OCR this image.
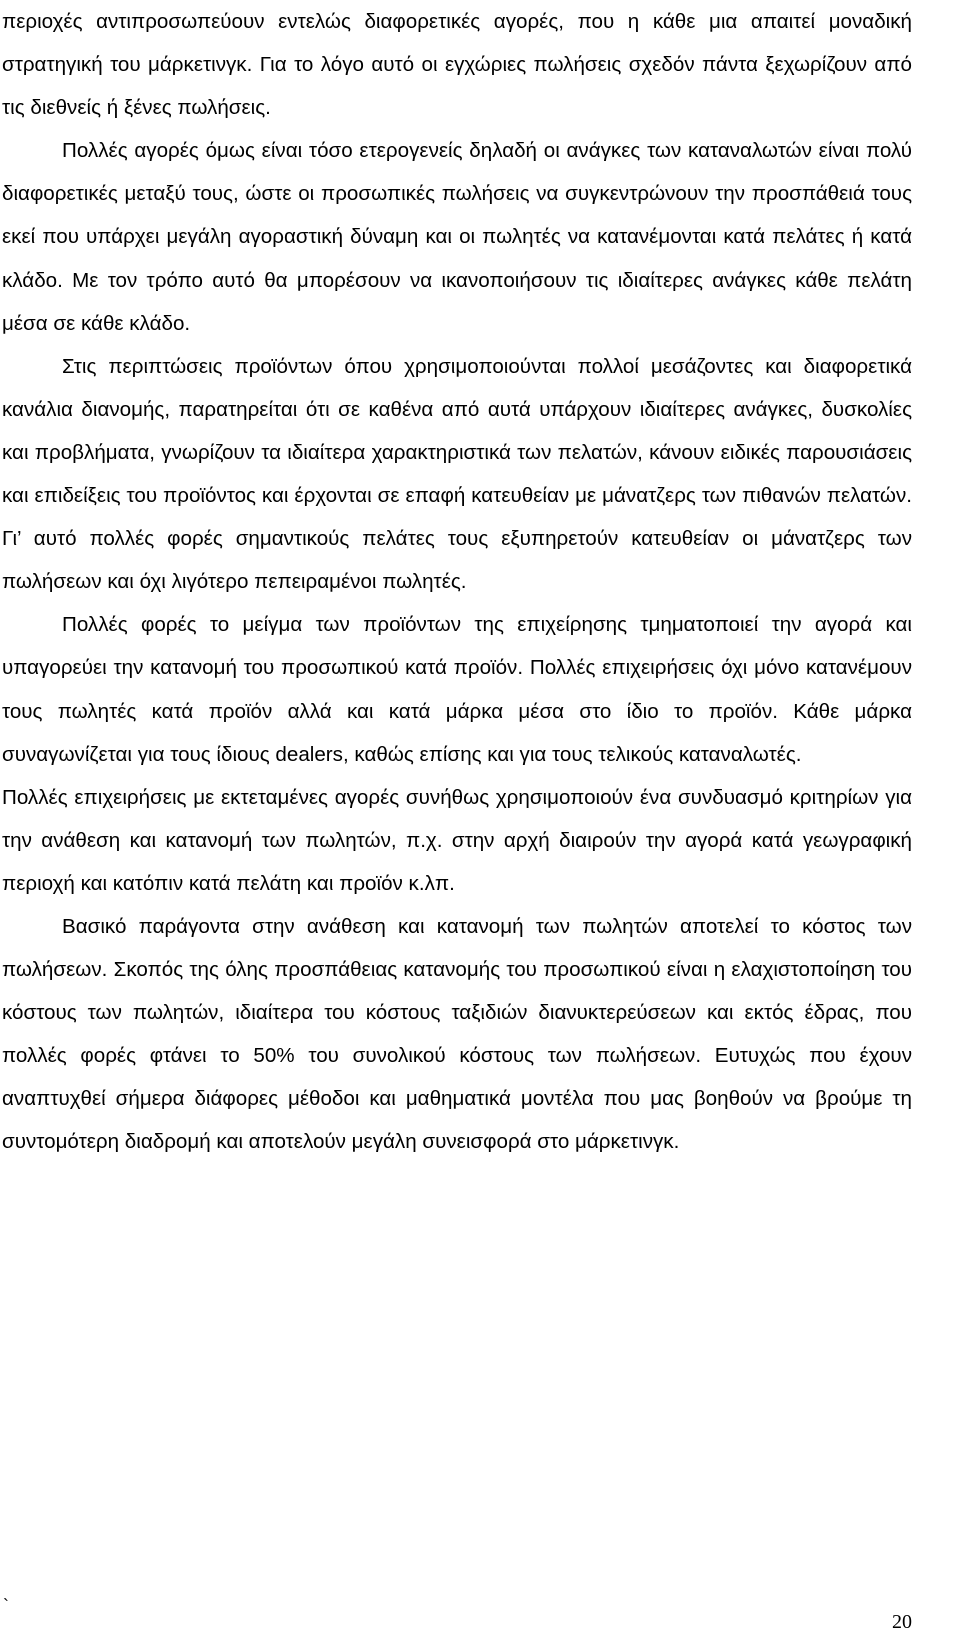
περιοχές αντιπροσωπεύουν εντελώς διαφορετικές αγορές, που η κάθε μια απαιτεί μοναδική στρατηγική του μάρκετινγκ. Για το λόγο αυτό οι εγχώριες πωλήσεις σχεδόν πάντα ξεχωρίζουν από τις διεθνείς ή ξένες πωλήσεις.

Πολλές αγορές όμως είναι τόσο ετερογενείς δηλαδή οι ανάγκες των καταναλωτών είναι πολύ διαφορετικές μεταξύ τους, ώστε οι προσωπικές πωλήσεις να συγκεντρώνουν την προσπάθειά τους εκεί που υπάρχει μεγάλη αγοραστική δύναμη και οι πωλητές να κατανέμονται κατά πελάτες ή κατά κλάδο. Με τον τρόπο αυτό θα μπορέσουν να ικανοποιήσουν τις ιδιαίτερες ανάγκες κάθε πελάτη μέσα σε κάθε κλάδο.

Στις περιπτώσεις προϊόντων όπου χρησιμοποιούνται πολλοί μεσάζοντες και διαφορετικά κανάλια διανομής, παρατηρείται ότι σε καθένα από αυτά υπάρχουν ιδιαίτερες ανάγκες, δυσκολίες και προβλήματα, γνωρίζουν τα ιδιαίτερα χαρακτηριστικά των πελατών, κάνουν ειδικές παρουσιάσεις και επιδείξεις του προϊόντος και έρχονται σε επαφή κατευθείαν με μάνατζερς των πιθανών πελατών. Γι’ αυτό πολλές φορές σημαντικούς πελάτες τους εξυπηρετούν κατευθείαν οι μάνατζερς των πωλήσεων και όχι λιγότερο πεπειραμένοι πωλητές.

Πολλές φορές το μείγμα των προϊόντων της επιχείρησης τμηματοποιεί την αγορά και υπαγορεύει την κατανομή του προσωπικού κατά προϊόν. Πολλές επιχειρήσεις όχι μόνο κατανέμουν τους πωλητές κατά προϊόν αλλά και κατά μάρκα μέσα στο ίδιο το προϊόν. Κάθε μάρκα συναγωνίζεται για τους ίδιους dealers, καθώς επίσης και για τους τελικούς καταναλωτές.

Πολλές επιχειρήσεις με εκτεταμένες αγορές συνήθως χρησιμοποιούν ένα συνδυασμό κριτηρίων για την ανάθεση και κατανομή των πωλητών, π.χ. στην αρχή διαιρούν την αγορά κατά γεωγραφική περιοχή και κατόπιν κατά πελάτη και προϊόν κ.λπ.

Βασικό παράγοντα στην ανάθεση και κατανομή των πωλητών αποτελεί το κόστος των πωλήσεων. Σκοπός της όλης προσπάθειας κατανομής του προσωπικού είναι η ελαχιστοποίηση του κόστους των πωλητών, ιδιαίτερα του κόστους ταξιδιών διανυκτερεύσεων και εκτός έδρας, που πολλές φορές φτάνει το 50% του συνολικού κόστους των πωλήσεων. Ευτυχώς που έχουν αναπτυχθεί σήμερα διάφορες μέθοδοι και μαθηματικά μοντέλα που μας βοηθούν να βρούμε τη συντομότερη διαδρομή και αποτελούν μεγάλη συνεισφορά στο μάρκετινγκ.

`
20
